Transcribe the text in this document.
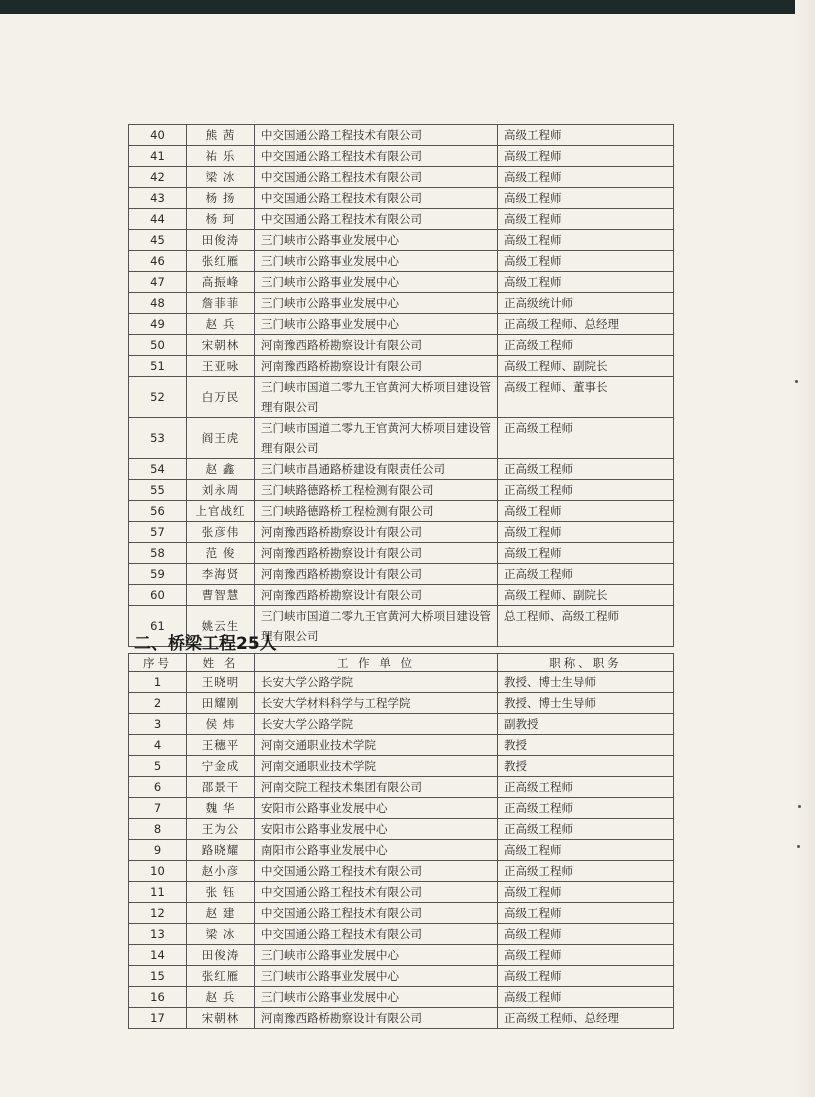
40	熊 茜	中交国通公路工程技术有限公司	高级工程师
41	祐 乐	中交国通公路工程技术有限公司	高级工程师
42	梁 冰	中交国通公路工程技术有限公司	高级工程师
43	杨 扬	中交国通公路工程技术有限公司	高级工程师
44	杨 珂	中交国通公路工程技术有限公司	高级工程师
45	田俊涛	三门峡市公路事业发展中心	高级工程师
46	张红雁	三门峡市公路事业发展中心	高级工程师
47	高振峰	三门峡市公路事业发展中心	高级工程师
48	詹菲菲	三门峡市公路事业发展中心	正高级统计师
49	赵 兵	三门峡市公路事业发展中心	正高级工程师、总经理
50	宋朝林	河南豫西路桥勘察设计有限公司	正高级工程师
51	王亚咏	河南豫西路桥勘察设计有限公司	高级工程师、副院长
52	白万民	三门峡市国道二零九王官黄河大桥项目建设管理有限公司	高级工程师、董事长
53	阎王虎	三门峡市国道二零九王官黄河大桥项目建设管理有限公司	正高级工程师
54	赵 鑫	三门峡市昌通路桥建设有限责任公司	正高级工程师
55	刘永周	三门峡路德路桥工程检测有限公司	正高级工程师
56	上官战红	三门峡路德路桥工程检测有限公司	高级工程师
57	张彦伟	河南豫西路桥勘察设计有限公司	高级工程师
58	范 俊	河南豫西路桥勘察设计有限公司	高级工程师
59	李海贤	河南豫西路桥勘察设计有限公司	正高级工程师
60	曹智慧	河南豫西路桥勘察设计有限公司	高级工程师、副院长
61	姚云生	三门峡市国道二零九王官黄河大桥项目建设管理有限公司	总工程师、高级工程师
二、桥梁工程25人
序号	姓 名	工 作 单 位	职称、职务
1	王晓明	长安大学公路学院	教授、博士生导师
2	田耀刚	长安大学材料科学与工程学院	教授、博士生导师
3	侯 炜	长安大学公路学院	副教授
4	王穗平	河南交通职业技术学院	教授
5	宁金成	河南交通职业技术学院	教授
6	邵景干	河南交院工程技术集团有限公司	正高级工程师
7	魏 华	安阳市公路事业发展中心	正高级工程师
8	王为公	安阳市公路事业发展中心	正高级工程师
9	路晓耀	南阳市公路事业发展中心	高级工程师
10	赵小彦	中交国通公路工程技术有限公司	正高级工程师
11	张 钰	中交国通公路工程技术有限公司	高级工程师
12	赵 建	中交国通公路工程技术有限公司	高级工程师
13	梁 冰	中交国通公路工程技术有限公司	高级工程师
14	田俊涛	三门峡市公路事业发展中心	高级工程师
15	张红雁	三门峡市公路事业发展中心	高级工程师
16	赵 兵	三门峡市公路事业发展中心	高级工程师
17	宋朝林	河南豫西路桥勘察设计有限公司	正高级工程师、总经理
